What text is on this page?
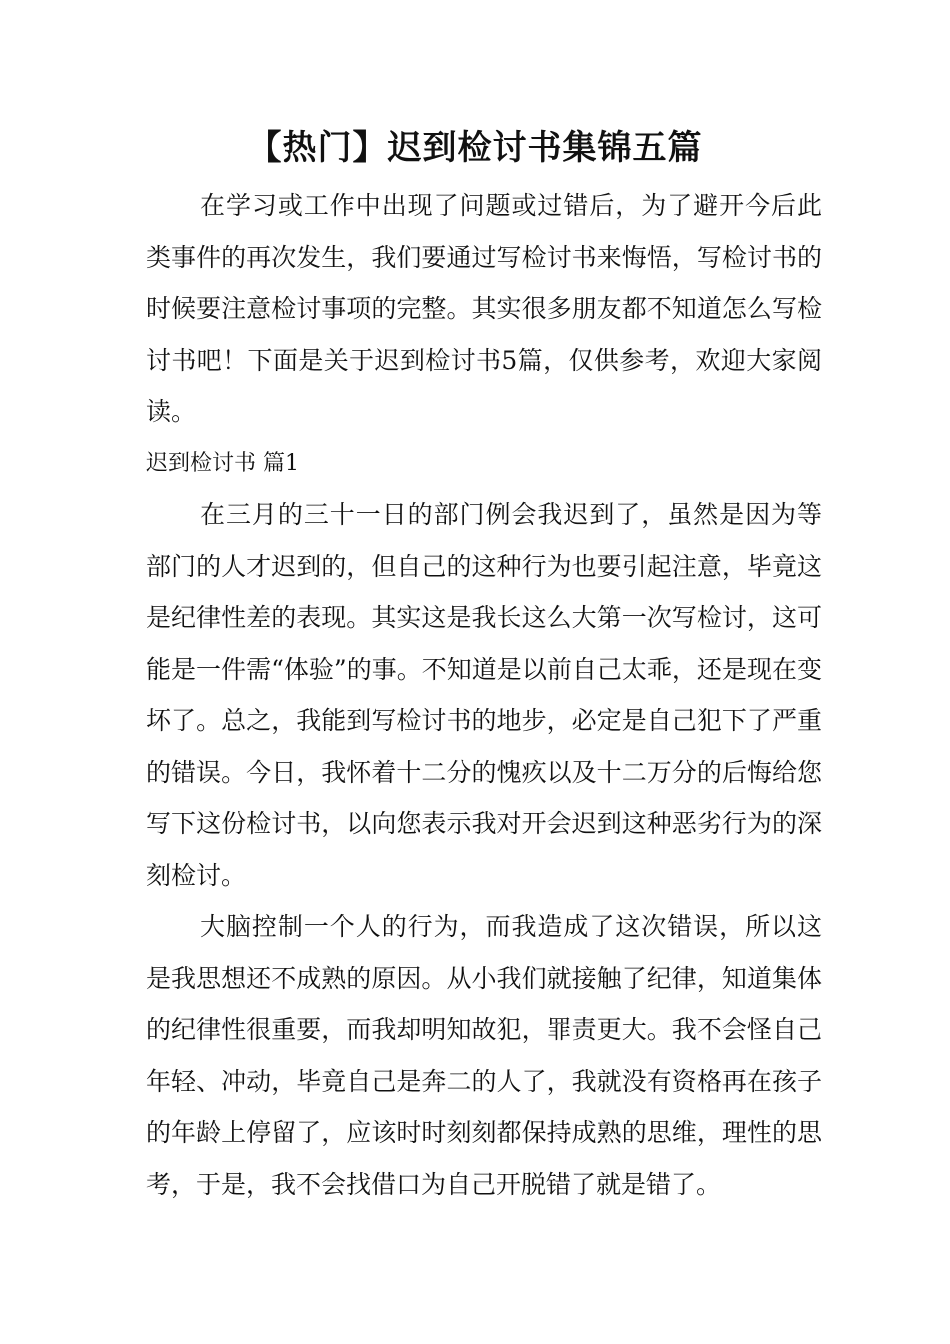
【热门】迟到检讨书集锦五篇

在学习或工作中出现了问题或过错后，为了避开今后此类事件的再次发生，我们要通过写检讨书来悔悟，写检讨书的时候要注意检讨事项的完整。其实很多朋友都不知道怎么写检讨书吧！下面是关于迟到检讨书5篇，仅供参考，欢迎大家阅读。

迟到检讨书 篇1

在三月的三十一日的部门例会我迟到了，虽然是因为等部门的人才迟到的，但自己的这种行为也要引起注意，毕竟这是纪律性差的表现。其实这是我长这么大第一次写检讨，这可能是一件需“体验”的事。不知道是以前自己太乖，还是现在变坏了。总之，我能到写检讨书的地步，必定是自己犯下了严重的错误。今日，我怀着十二分的愧疚以及十二万分的后悔给您写下这份检讨书，以向您表示我对开会迟到这种恶劣行为的深刻检讨。

大脑控制一个人的行为，而我造成了这次错误，所以这是我思想还不成熟的原因。从小我们就接触了纪律，知道集体的纪律性很重要，而我却明知故犯，罪责更大。我不会怪自己年轻、冲动，毕竟自己是奔二的人了，我就没有资格再在孩子的年龄上停留了，应该时时刻刻都保持成熟的思维，理性的思考，于是，我不会找借口为自己开脱错了就是错了。
